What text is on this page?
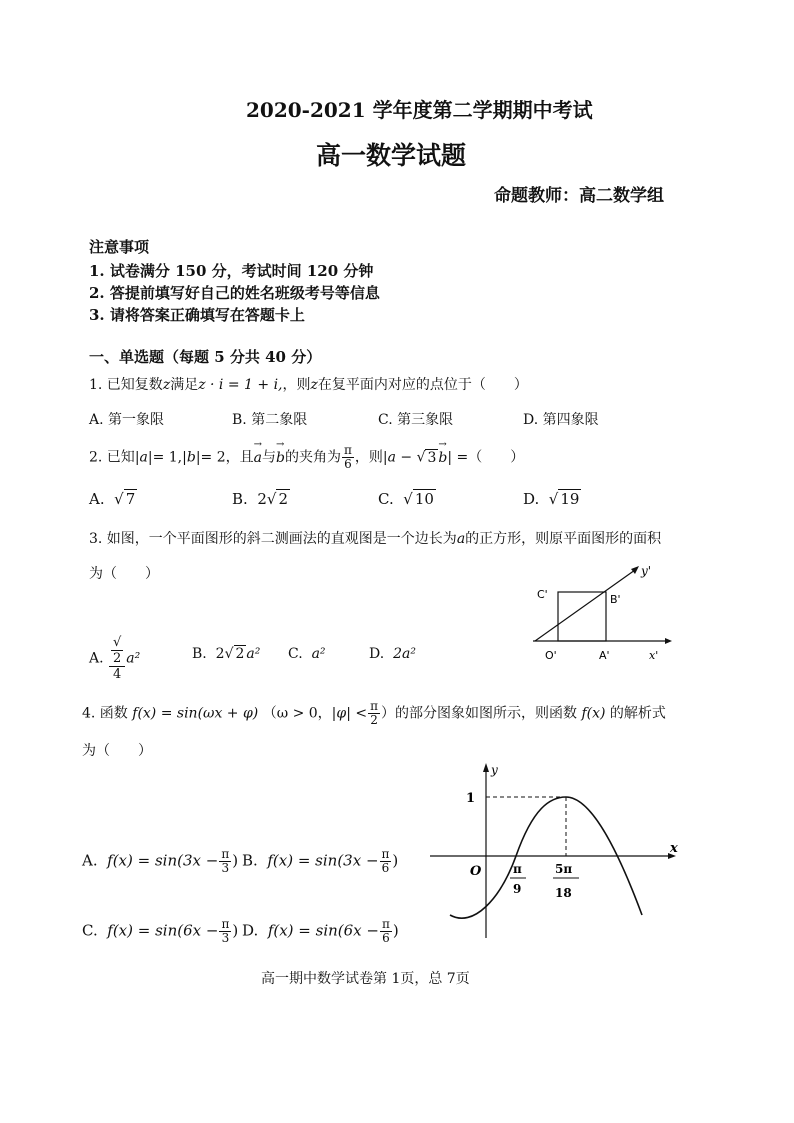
2020-2021 学年度第二学期期中考试
高一数学试题
命题教师：高二数学组
注意事项
1. 试卷满分 150 分，考试时间 120 分钟
2. 答提前填写好自己的姓名班级考号等信息
3. 请将答案正确填写在答题卡上
一、单选题（每题 5 分共 40 分）
1. 已知复数z满足z · i = 1 + i,，则z在复平面内对应的点位于（　　）
A. 第一象限	B. 第二象限	C. 第三象限	D. 第四象限
2. 已知|a|= 1,|b|= 2，且→ a与→ b的夹角为 $\frac{\pi}{6}$ ，则|a − √ 3→ b| =（　　）
A.  √ 7	B. 2√ 2	C.  √ 10	D.  √ 19
3. 如图，一个平面图形的斜二测画法的直观图是一个边长为a的正方形，则原平面图形的面积
为（　　）	y'
C'	B'
O'	A'	x'
A. √
2
4 a²	B. 2√ 2 a² C. a²	D. 2a²
4. 函数 f(x) = sin(ωx + φ) （ω > 0，$|\varphi| < \frac{\pi}{2}$ ）的部分图象如图所示，则函数 f(x) 的解析式
为（　　）
1
y
x
O	π
9
5π
18
A. $f(x) = \sin(3x - \frac{\pi}{3}$ ) B. $f(x) = \sin(3x - \frac{\pi}{6}$ )
C. $f(x) = \sin(6x - \frac{\pi}{3}$ ) D. $f(x) = \sin(6x - \frac{\pi}{6}$ )
高一期中数学试卷第 1页，总 7页
